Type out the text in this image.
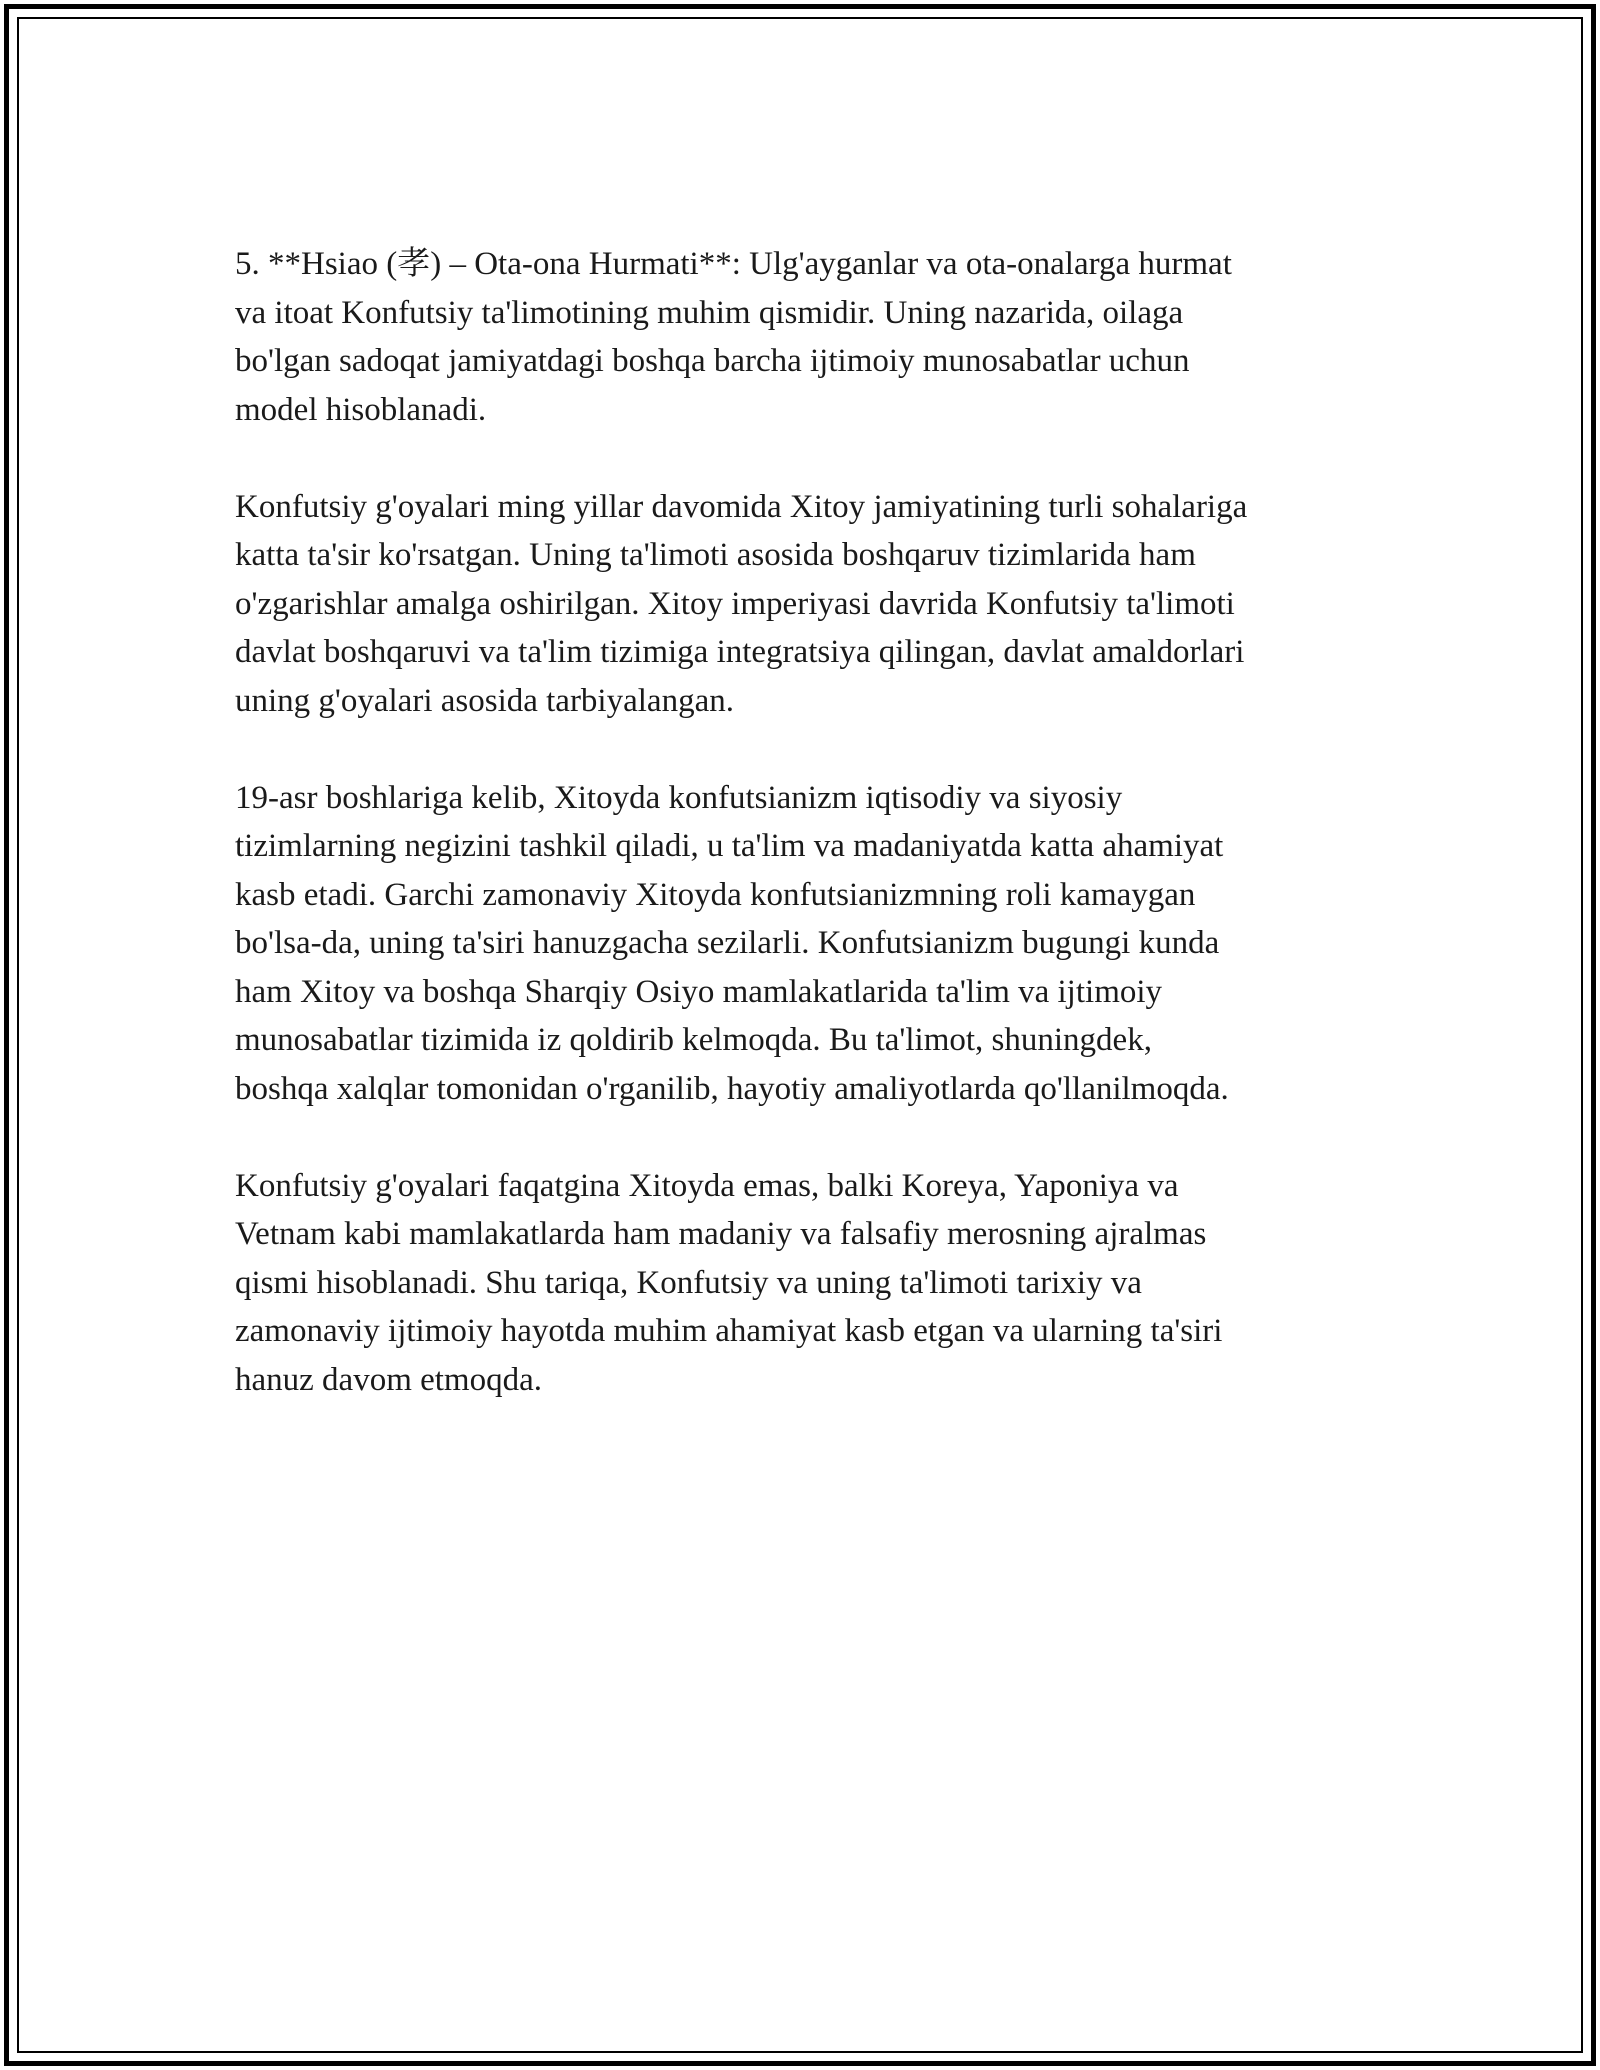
5. **Hsiao (孝) – Ota-ona Hurmati**: Ulg'ayganlar va ota-onalarga hurmat
va itoat Konfutsiy ta'limotining muhim qismidir. Uning nazarida, oilaga
bo'lgan sadoqat jamiyatdagi boshqa barcha ijtimoiy munosabatlar uchun
model hisoblanadi.

Konfutsiy g'oyalari ming yillar davomida Xitoy jamiyatining turli sohalariga
katta ta'sir ko'rsatgan. Uning ta'limoti asosida boshqaruv tizimlarida ham
o'zgarishlar amalga oshirilgan. Xitoy imperiyasi davrida Konfutsiy ta'limoti
davlat boshqaruvi va ta'lim tizimiga integratsiya qilingan, davlat amaldorlari
uning g'oyalari asosida tarbiyalangan.

19-asr boshlariga kelib, Xitoyda konfutsianizm iqtisodiy va siyosiy
tizimlarning negizini tashkil qiladi, u ta'lim va madaniyatda katta ahamiyat
kasb etadi. Garchi zamonaviy Xitoyda konfutsianizmning roli kamaygan
bo'lsa-da, uning ta'siri hanuzgacha sezilarli. Konfutsianizm bugungi kunda
ham Xitoy va boshqa Sharqiy Osiyo mamlakatlarida ta'lim va ijtimoiy
munosabatlar tizimida iz qoldirib kelmoqda. Bu ta'limot, shuningdek,
boshqa xalqlar tomonidan o'rganilib, hayotiy amaliyotlarda qo'llanilmoqda.

Konfutsiy g'oyalari faqatgina Xitoyda emas, balki Koreya, Yaponiya va
Vetnam kabi mamlakatlarda ham madaniy va falsafiy merosning ajralmas
qismi hisoblanadi. Shu tariqa, Konfutsiy va uning ta'limoti tarixiy va
zamonaviy ijtimoiy hayotda muhim ahamiyat kasb etgan va ularning ta'siri
hanuz davom etmoqda.
